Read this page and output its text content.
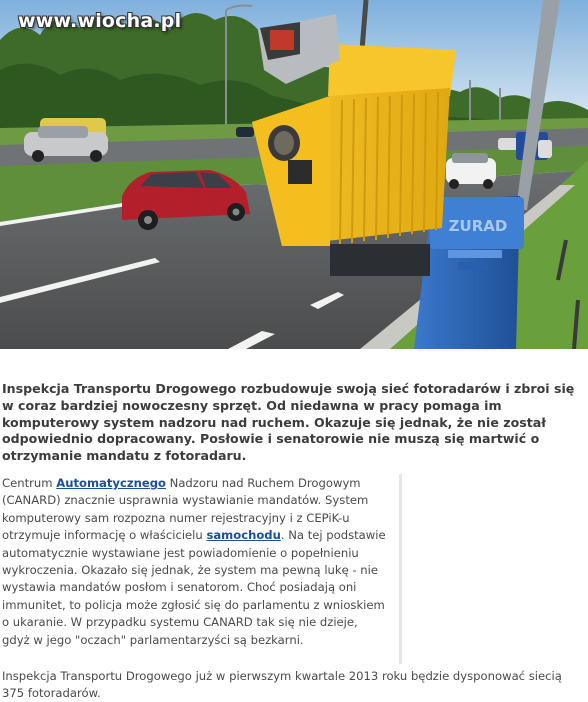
ZURAD
www.wiocha.pl

Inspekcja Transportu Drogowego rozbudowuje swoją sieć fotoradarów i zbroi się w coraz bardziej nowoczesny sprzęt. Od niedawna w pracy pomaga im komputerowy system nadzoru nad ruchem. Okazuje się jednak, że nie został odpowiednio dopracowany. Posłowie i senatorowie nie muszą się martwić o otrzymanie mandatu z fotoradaru.

Centrum Automatycznego Nadzoru nad Ruchem Drogowym (CANARD) znacznie usprawnia wystawianie mandatów. System komputerowy sam rozpozna numer rejestracyjny i z CEPiK-u otrzymuje informację o właścicielu samochodu. Na tej podstawie automatycznie wystawiane jest powiadomienie o popełnieniu wykroczenia. Okazało się jednak, że system ma pewną lukę - nie wystawia mandatów posłom i senatorom. Choć posiadają oni immunitet, to policja może zgłosić się do parlamentu z wnioskiem o ukaranie. W przypadku systemu CANARD tak się nie dzieje, gdyż w jego "oczach" parlamentarzyści są bezkarni.

Inspekcja Transportu Drogowego już w pierwszym kwartale 2013 roku będzie dysponować siecią 375 fotoradarów.
